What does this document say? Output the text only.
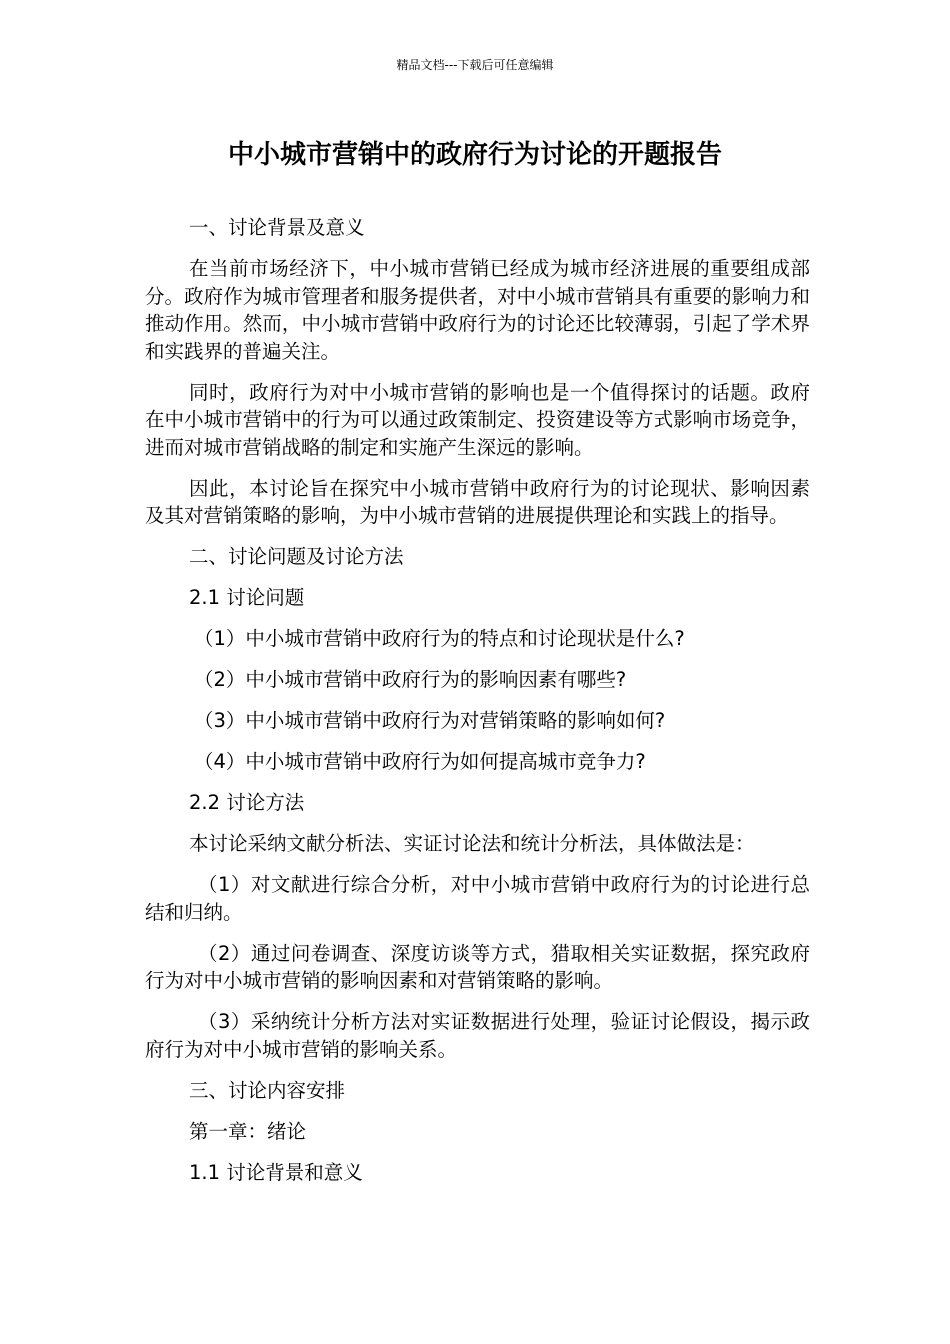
精品文档---下载后可任意编辑
中小城市营销中的政府行为讨论的开题报告

一、讨论背景及意义

在当前市场经济下，中小城市营销已经成为城市经济进展的重要组成部分。政府作为城市管理者和服务提供者，对中小城市营销具有重要的影响力和推动作用。然而，中小城市营销中政府行为的讨论还比较薄弱，引起了学术界和实践界的普遍关注。

同时，政府行为对中小城市营销的影响也是一个值得探讨的话题。政府在中小城市营销中的行为可以通过政策制定、投资建设等方式影响市场竞争，进而对城市营销战略的制定和实施产生深远的影响。

因此，本讨论旨在探究中小城市营销中政府行为的讨论现状、影响因素及其对营销策略的影响，为中小城市营销的进展提供理论和实践上的指导。

二、讨论问题及讨论方法

2.1 讨论问题

（1）中小城市营销中政府行为的特点和讨论现状是什么?

（2）中小城市营销中政府行为的影响因素有哪些?

（3）中小城市营销中政府行为对营销策略的影响如何?

（4）中小城市营销中政府行为如何提高城市竞争力?

2.2 讨论方法

本讨论采纳文献分析法、实证讨论法和统计分析法，具体做法是：

（1）对文献进行综合分析，对中小城市营销中政府行为的讨论进行总结和归纳。

（2）通过问卷调查、深度访谈等方式，猎取相关实证数据，探究政府行为对中小城市营销的影响因素和对营销策略的影响。

（3）采纳统计分析方法对实证数据进行处理，验证讨论假设，揭示政府行为对中小城市营销的影响关系。

三、讨论内容安排

第一章：绪论

1.1 讨论背景和意义
